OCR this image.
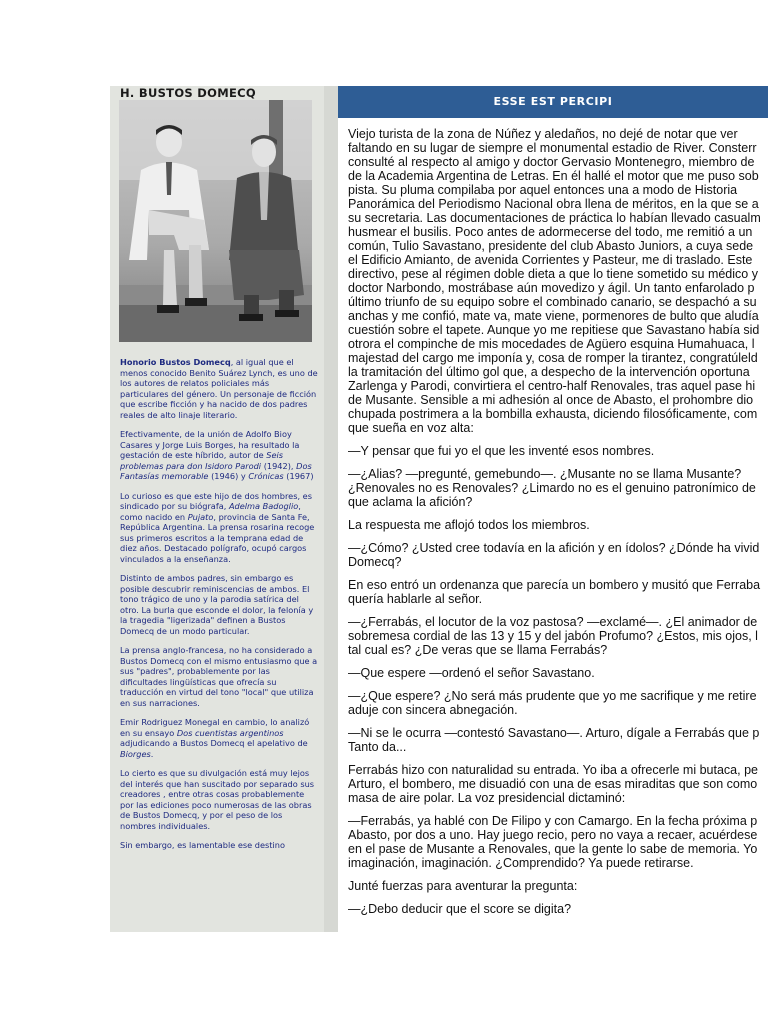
H. BUSTOS DOMECQ

Honorio Bustos Domecq, al igual que el menos conocido Benito Suárez Lynch, es uno de los autores de relatos policiales más particulares del género. Un personaje de ficción que escribe ficción y ha nacido de dos padres reales de alto linaje literario.

Efectivamente, de la unión de Adolfo Bioy Casares y Jorge Luis Borges, ha resultado la gestación de este híbrido, autor de Seis problemas para don Isidoro Parodi (1942), Dos Fantasías memorable (1946) y Crónicas (1967)

Lo curioso es que este hijo de dos hombres, es sindicado por su biógrafa, Adelma Badoglio, como nacido en Pujato, provincia de Santa Fe, República Argentina. La prensa rosarina recoge sus primeros escritos a la temprana edad de diez años. Destacado polígrafo, ocupó cargos vinculados a la enseñanza.

Distinto de ambos padres, sin embargo es posible descubrir reminiscencias de ambos. El tono trágico de uno y la parodia satírica del otro. La burla que esconde el dolor, la felonía y la tragedia "ligerizada" definen a Bustos Domecq de un modo particular.

La prensa anglo-francesa, no ha considerado a Bustos Domecq con el mismo entusiasmo que a sus "padres", probablemente por las dificultades lingüísticas que ofrecía su traducción en virtud del tono "local" que utiliza en sus narraciones.

Emir Rodriguez Monegal en cambio, lo analizó en su ensayo Dos cuentistas argentinos adjudicando a Bustos Domecq el apelativo de Biorges.

Lo cierto es que su divulgación está muy lejos del interés que han suscitado por separado sus creadores , entre otras cosas probablemente por las ediciones poco numerosas de las obras de Bustos Domecq, y por el peso de los nombres individuales.

Sin embargo, es lamentable ese destino

ESSE EST PERCIPI

Viejo turista de la zona de Núñez y aledaños, no dejé de notar que ver
faltando en su lugar de siempre el monumental estadio de River. Consterr
consulté al respecto al amigo y doctor Gervasio Montenegro, miembro de
de la Academia Argentina de Letras. En él hallé el motor que me puso sob
pista. Su pluma compilaba por aquel entonces una a modo de Historia
Panorámica del Periodismo Nacional obra llena de méritos, en la que se a
su secretaria. Las documentaciones de práctica lo habían llevado casualm
husmear el busilis. Poco antes de adormecerse del todo, me remitió a un
común, Tulio Savastano, presidente del club Abasto Juniors, a cuya sede
el Edificio Amianto, de avenida Corrientes y Pasteur, me di traslado. Este
directivo, pese al régimen doble dieta a que lo tiene sometido su médico y
doctor Narbondo, mostrábase aún movedizo y ágil. Un tanto enfarolado p
último triunfo de su equipo sobre el combinado canario, se despachó a su
anchas y me confió, mate va, mate viene, pormenores de bulto que aludía
cuestión sobre el tapete. Aunque yo me repitiese que Savastano había sid
otrora el compinche de mis mocedades de Agüero esquina Humahuaca, l
majestad del cargo me imponía y, cosa de romper la tirantez, congratúleld
la tramitación del último gol que, a despecho de la intervención oportuna
Zarlenga y Parodi, convirtiera el centro-half Renovales, tras aquel pase hi
de Musante. Sensible a mi adhesión al once de Abasto, el prohombre dio
chupada postrimera a la bombilla exhausta, diciendo filosóficamente, com
que sueña en voz alta:

—Y pensar que fui yo el que les inventé esos nombres.

—¿Alias? —pregunté, gemebundo—. ¿Musante no se llama Musante?
¿Renovales no es Renovales? ¿Limardo no es el genuino patronímico de
que aclama la afición?

La respuesta me aflojó todos los miembros.

—¿Cómo? ¿Usted cree todavía en la afición y en ídolos? ¿Dónde ha vivid
Domecq?

En eso entró un ordenanza que parecía un bombero y musitó que Ferraba
quería hablarle al señor.

—¿Ferrabás, el locutor de la voz pastosa? —exclamé—. ¿El animador de
sobremesa cordial de las 13 y 15 y del jabón Profumo? ¿Estos, mis ojos, l
tal cual es? ¿De veras que se llama Ferrabás?

—Que espere —ordenó el señor Savastano.

—¿Que espere? ¿No será más prudente que yo me sacrifique y me retire
aduje con sincera abnegación.

—Ni se le ocurra —contestó Savastano—. Arturo, dígale a Ferrabás que p
Tanto da...

Ferrabás hizo con naturalidad su entrada. Yo iba a ofrecerle mi butaca, pe
Arturo, el bombero, me disuadió con una de esas miraditas que son como
masa de aire polar. La voz presidencial dictaminó:

—Ferrabás, ya hablé con De Filipo y con Camargo. En la fecha próxima p
Abasto, por dos a uno. Hay juego recio, pero no vaya a recaer, acuérdese
en el pase de Musante a Renovales, que la gente lo sabe de memoria. Yo
imaginación, imaginación. ¿Comprendido? Ya puede retirarse.

Junté fuerzas para aventurar la pregunta:

—¿Debo deducir que el score se digita?
